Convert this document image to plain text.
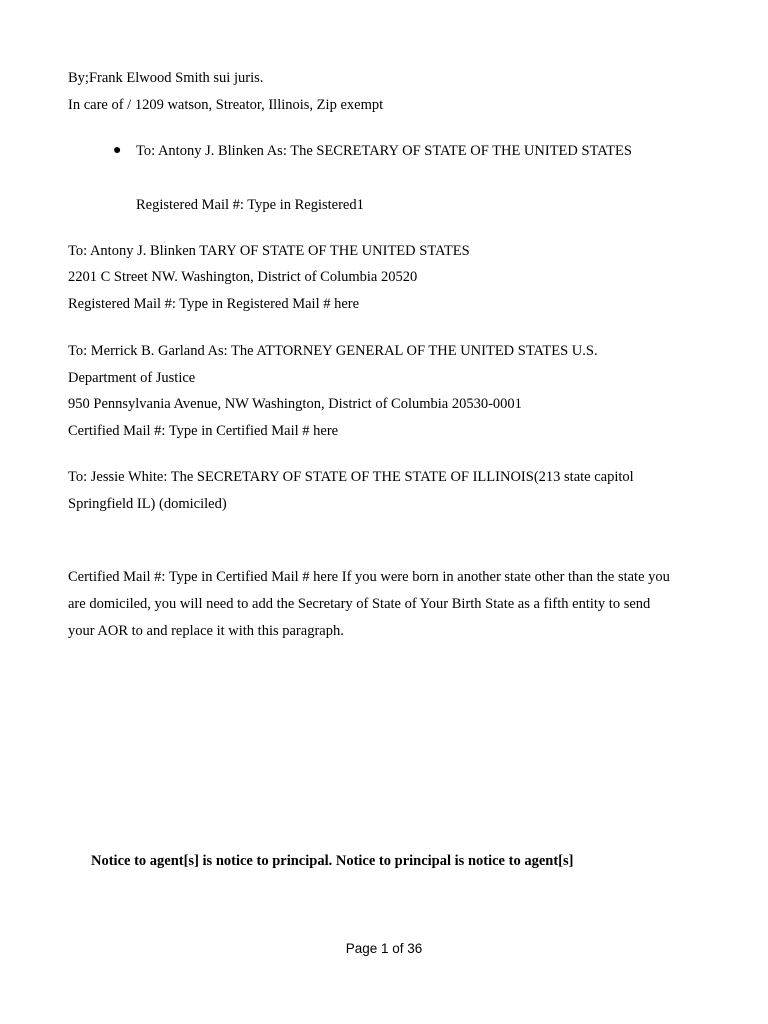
By;Frank Elwood Smith sui juris.
In care of / 1209 watson, Streator, Illinois, Zip exempt
● To: Antony J. Blinken As: The SECRETARY OF STATE OF THE UNITED STATES
Registered Mail #: Type in Registered1
To: Antony J. Blinken TARY OF STATE OF THE UNITED STATES
2201 C Street NW. Washington, District of Columbia 20520
Registered Mail #: Type in Registered Mail # here
To: Merrick B. Garland As: The ATTORNEY GENERAL OF THE UNITED STATES U.S.
Department of Justice
950 Pennsylvania Avenue, NW Washington, District of Columbia 20530-0001
Certified Mail #: Type in Certified Mail # here
To: Jessie White: The SECRETARY OF STATE OF THE STATE OF ILLINOIS(213 state capitol
Springfield IL) (domiciled)
Certified Mail #: Type in Certified Mail # here If you were born in another state other than the state you
are domiciled, you will need to add the Secretary of State of Your Birth State as a fifth entity to send
your AOR to and replace it with this paragraph.
Notice to agent[s] is notice to principal. Notice to principal is notice to agent[s]
Page 1 of 36
